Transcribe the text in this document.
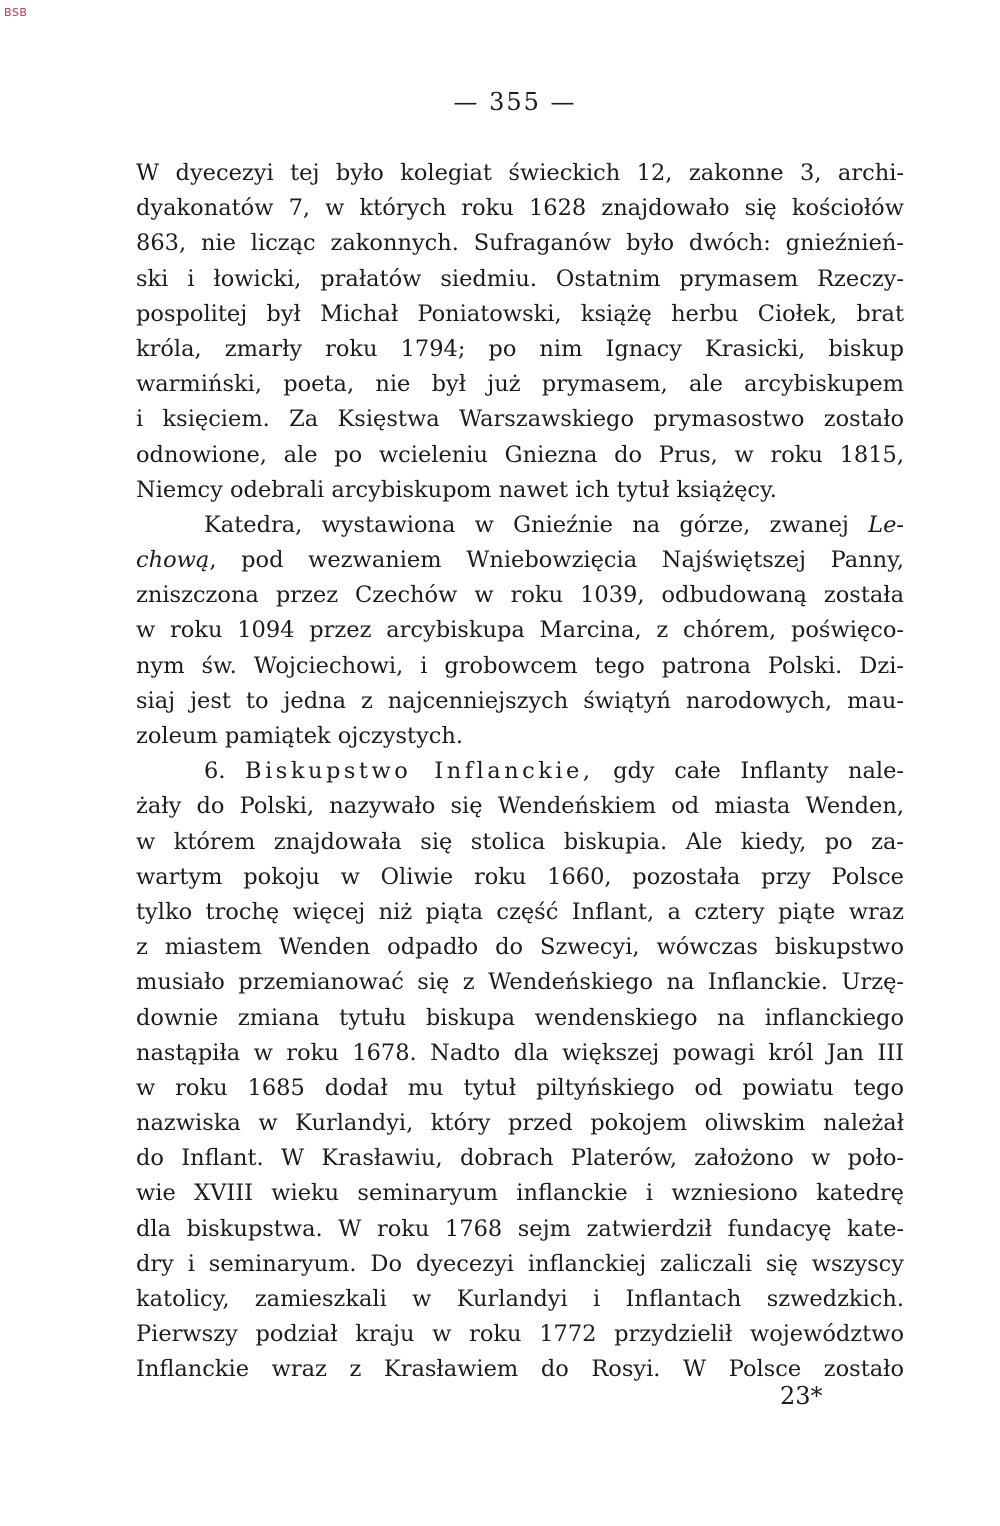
BSB
— 355 —
W dyecezyi tej było kolegiat świeckich 12, zakonne 3, archi-
dyakonatów 7, w których roku 1628 znajdowało się kościołów
863, nie licząc zakonnych. Sufraganów było dwóch: gnieźnień-
ski i łowicki, prałatów siedmiu. Ostatnim prymasem Rzeczy-
pospolitej był Michał Poniatowski, książę herbu Ciołek, brat
króla, zmarły roku 1794; po nim Ignacy Krasicki, biskup
warmiński, poeta, nie był już prymasem, ale arcybiskupem
i księciem. Za Księstwa Warszawskiego prymasostwo zostało
odnowione, ale po wcieleniu Gniezna do Prus, w roku 1815,
Niemcy odebrali arcybiskupom nawet ich tytuł książęcy.
Katedra, wystawiona w Gnieźnie na górze, zwanej Le-
chową, pod wezwaniem Wniebowzięcia Najświętszej Panny,
zniszczona przez Czechów w roku 1039, odbudowaną została
w roku 1094 przez arcybiskupa Marcina, z chórem, poświęco-
nym św. Wojciechowi, i grobowcem tego patrona Polski. Dzi-
siaj jest to jedna z najcenniejszych świątyń narodowych, mau-
zoleum pamiątek ojczystych.
6. Biskupstwo Inflanckie, gdy całe Inflanty nale-
żały do Polski, nazywało się Wendeńskiem od miasta Wenden,
w którem znajdowała się stolica biskupia. Ale kiedy, po za-
wartym pokoju w Oliwie roku 1660, pozostała przy Polsce
tylko trochę więcej niż piąta część Inflant, a cztery piąte wraz
z miastem Wenden odpadło do Szwecyi, wówczas biskupstwo
musiało przemianować się z Wendeńskiego na Inflanckie. Urzę-
downie zmiana tytułu biskupa wendenskiego na inflanckiego
nastąpiła w roku 1678. Nadto dla większej powagi król Jan III
w roku 1685 dodał mu tytuł piltyńskiego od powiatu tego
nazwiska w Kurlandyi, który przed pokojem oliwskim należał
do Inflant. W Krasławiu, dobrach Platerów, założono w poło-
wie XVIII wieku seminaryum inflanckie i wzniesiono katedrę
dla biskupstwa. W roku 1768 sejm zatwierdził fundacyę kate-
dry i seminaryum. Do dyecezyi inflanckiej zaliczali się wszyscy
katolicy, zamieszkali w Kurlandyi i Inflantach szwedzkich.
Pierwszy podział kraju w roku 1772 przydzielił województwo
Inflanckie wraz z Krasławiem do Rosyi. W Polsce zostało
23*
